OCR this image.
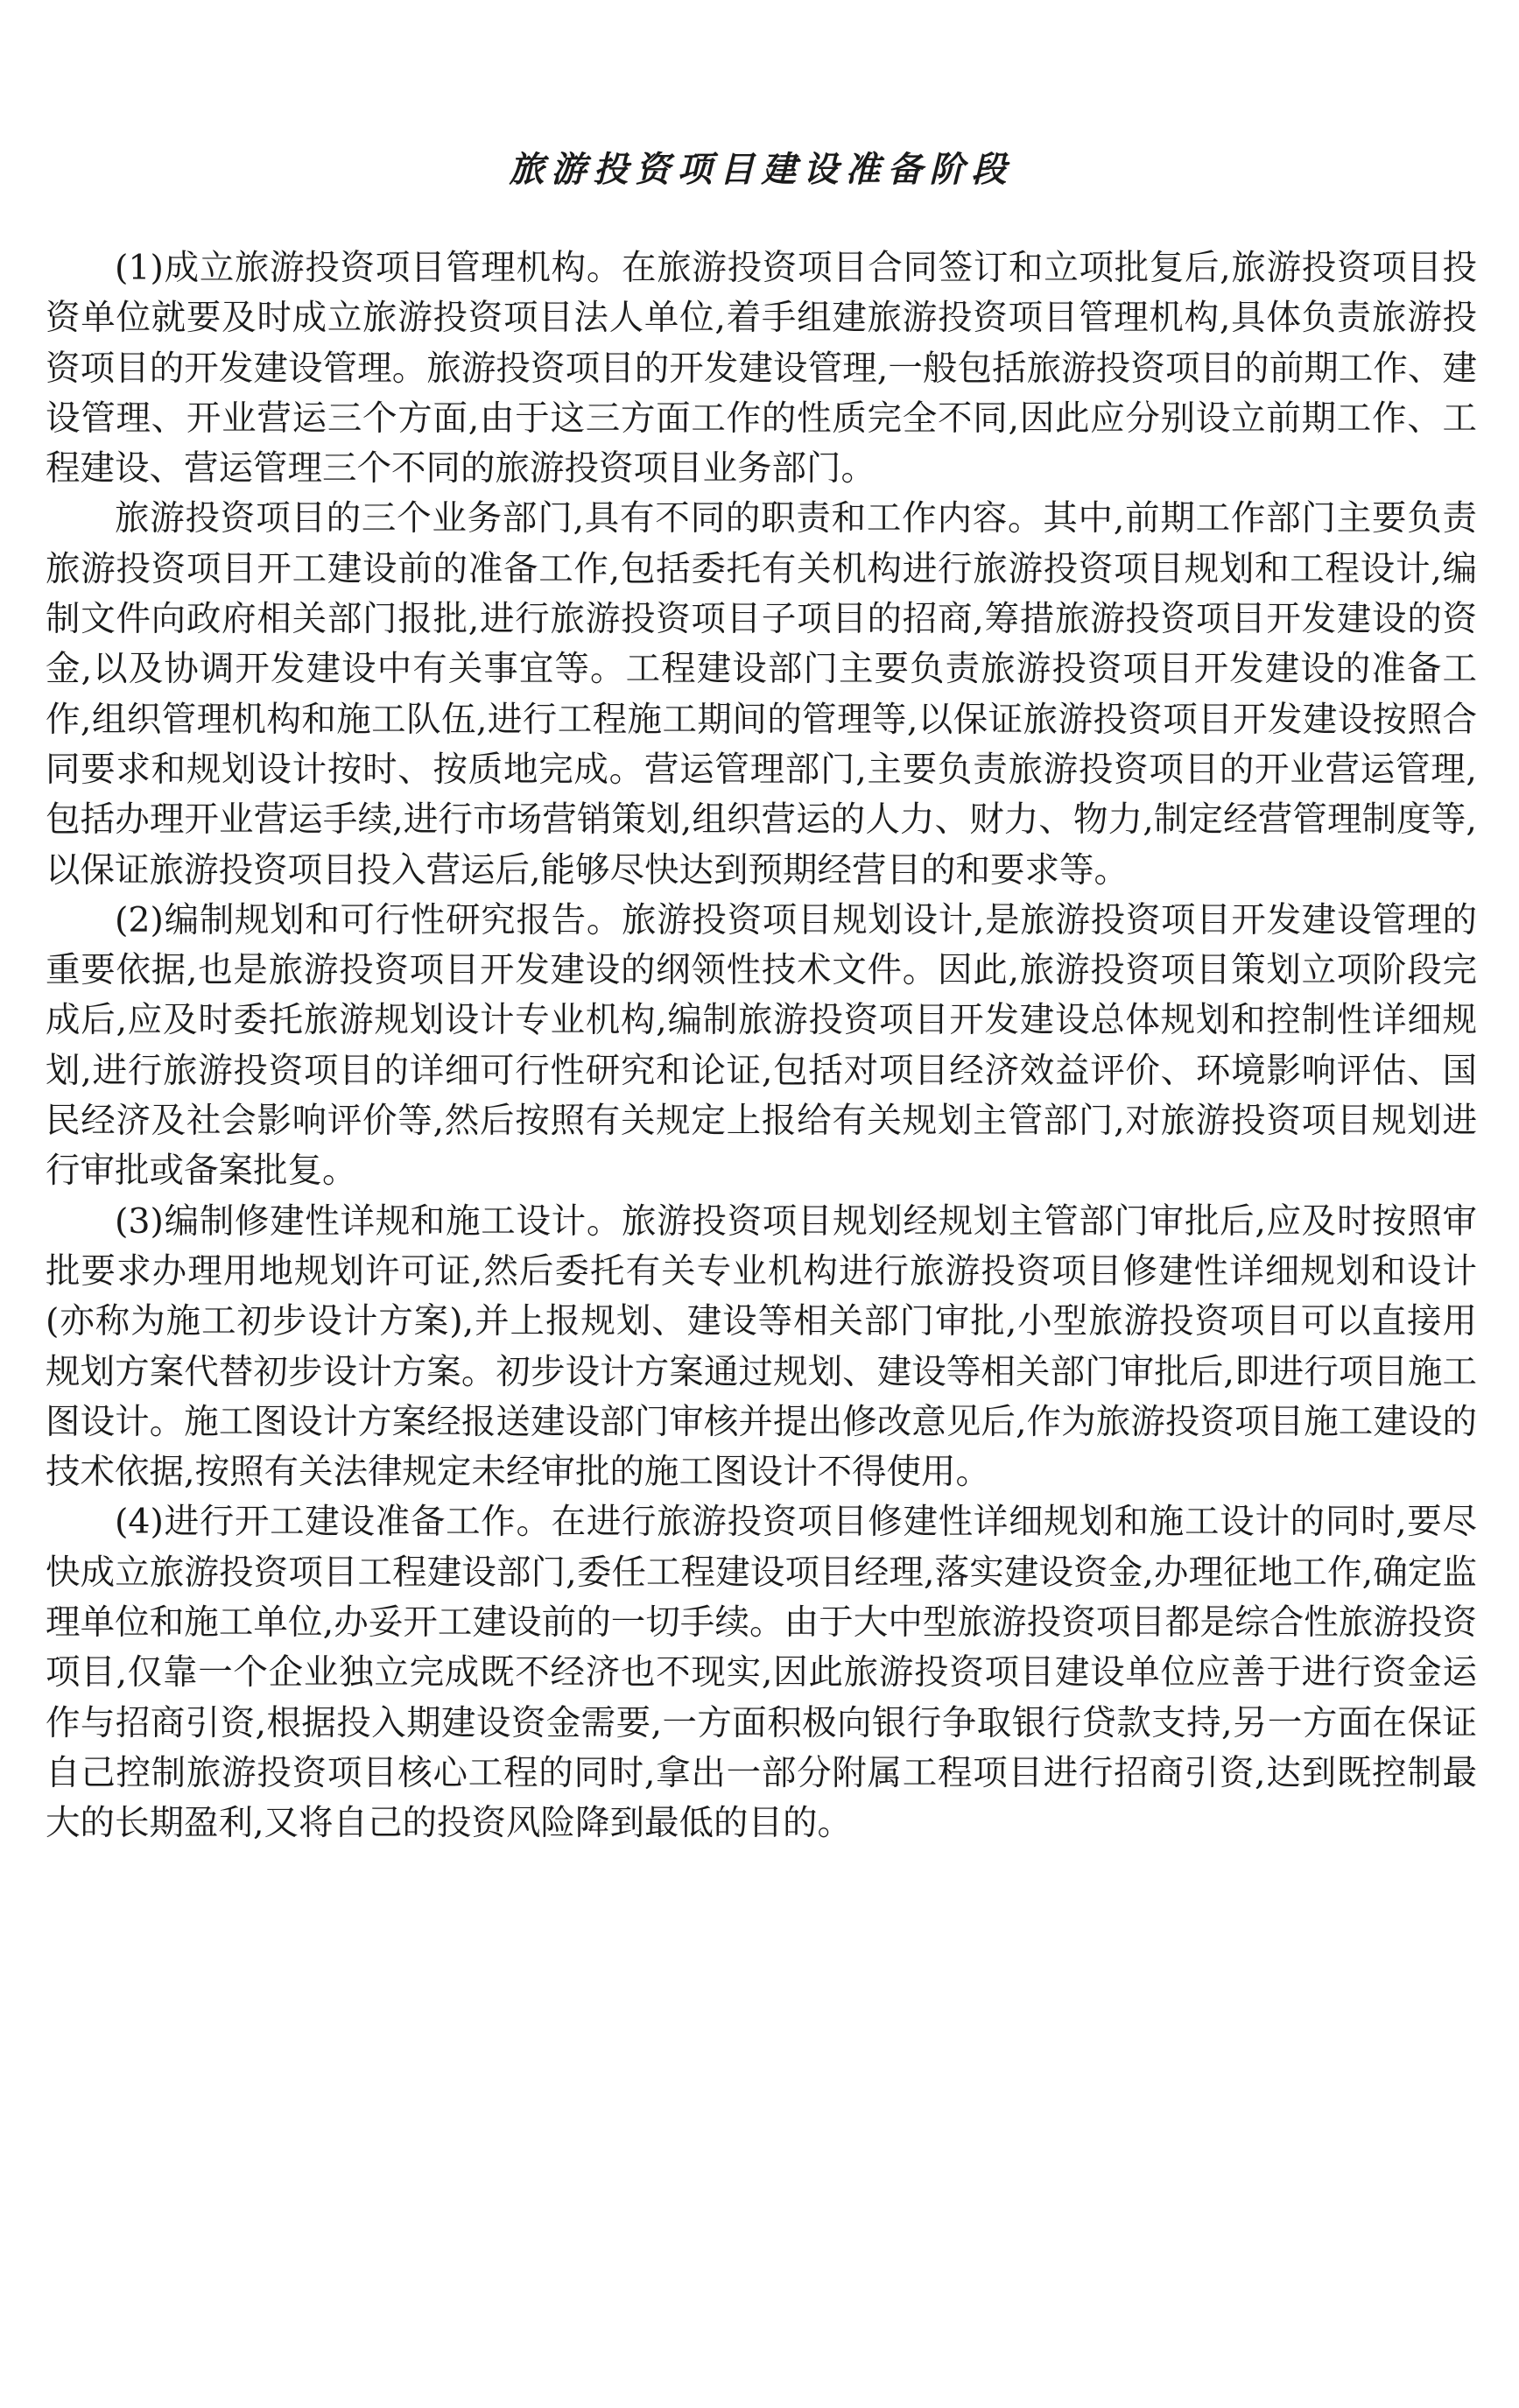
旅游投资项目建设准备阶段

(1)成立旅游投资项目管理机构。在旅游投资项目合同签订和立项批复后,旅游投资项目投资单位就要及时成立旅游投资项目法人单位,着手组建旅游投资项目管理机构,具体负责旅游投资项目的开发建设管理。旅游投资项目的开发建设管理,一般包括旅游投资项目的前期工作、建设管理、开业营运三个方面,由于这三方面工作的性质完全不同,因此应分别设立前期工作、工程建设、营运管理三个不同的旅游投资项目业务部门。

旅游投资项目的三个业务部门,具有不同的职责和工作内容。其中,前期工作部门主要负责旅游投资项目开工建设前的准备工作,包括委托有关机构进行旅游投资项目规划和工程设计,编制文件向政府相关部门报批,进行旅游投资项目子项目的招商,筹措旅游投资项目开发建设的资金,以及协调开发建设中有关事宜等。工程建设部门主要负责旅游投资项目开发建设的准备工作,组织管理机构和施工队伍,进行工程施工期间的管理等,以保证旅游投资项目开发建设按照合同要求和规划设计按时、按质地完成。营运管理部门,主要负责旅游投资项目的开业营运管理,包括办理开业营运手续,进行市场营销策划,组织营运的人力、财力、物力,制定经营管理制度等,以保证旅游投资项目投入营运后,能够尽快达到预期经营目的和要求等。

(2)编制规划和可行性研究报告。旅游投资项目规划设计,是旅游投资项目开发建设管理的重要依据,也是旅游投资项目开发建设的纲领性技术文件。因此,旅游投资项目策划立项阶段完成后,应及时委托旅游规划设计专业机构,编制旅游投资项目开发建设总体规划和控制性详细规划,进行旅游投资项目的详细可行性研究和论证,包括对项目经济效益评价、环境影响评估、国民经济及社会影响评价等,然后按照有关规定上报给有关规划主管部门,对旅游投资项目规划进行审批或备案批复。

(3)编制修建性详规和施工设计。旅游投资项目规划经规划主管部门审批后,应及时按照审批要求办理用地规划许可证,然后委托有关专业机构进行旅游投资项目修建性详细规划和设计(亦称为施工初步设计方案),并上报规划、建设等相关部门审批,小型旅游投资项目可以直接用规划方案代替初步设计方案。初步设计方案通过规划、建设等相关部门审批后,即进行项目施工图设计。施工图设计方案经报送建设部门审核并提出修改意见后,作为旅游投资项目施工建设的技术依据,按照有关法律规定未经审批的施工图设计不得使用。

(4)进行开工建设准备工作。在进行旅游投资项目修建性详细规划和施工设计的同时,要尽快成立旅游投资项目工程建设部门,委任工程建设项目经理,落实建设资金,办理征地工作,确定监理单位和施工单位,办妥开工建设前的一切手续。由于大中型旅游投资项目都是综合性旅游投资项目,仅靠一个企业独立完成既不经济也不现实,因此旅游投资项目建设单位应善于进行资金运作与招商引资,根据投入期建设资金需要,一方面积极向银行争取银行贷款支持,另一方面在保证自己控制旅游投资项目核心工程的同时,拿出一部分附属工程项目进行招商引资,达到既控制最大的长期盈利,又将自己的投资风险降到最低的目的。
